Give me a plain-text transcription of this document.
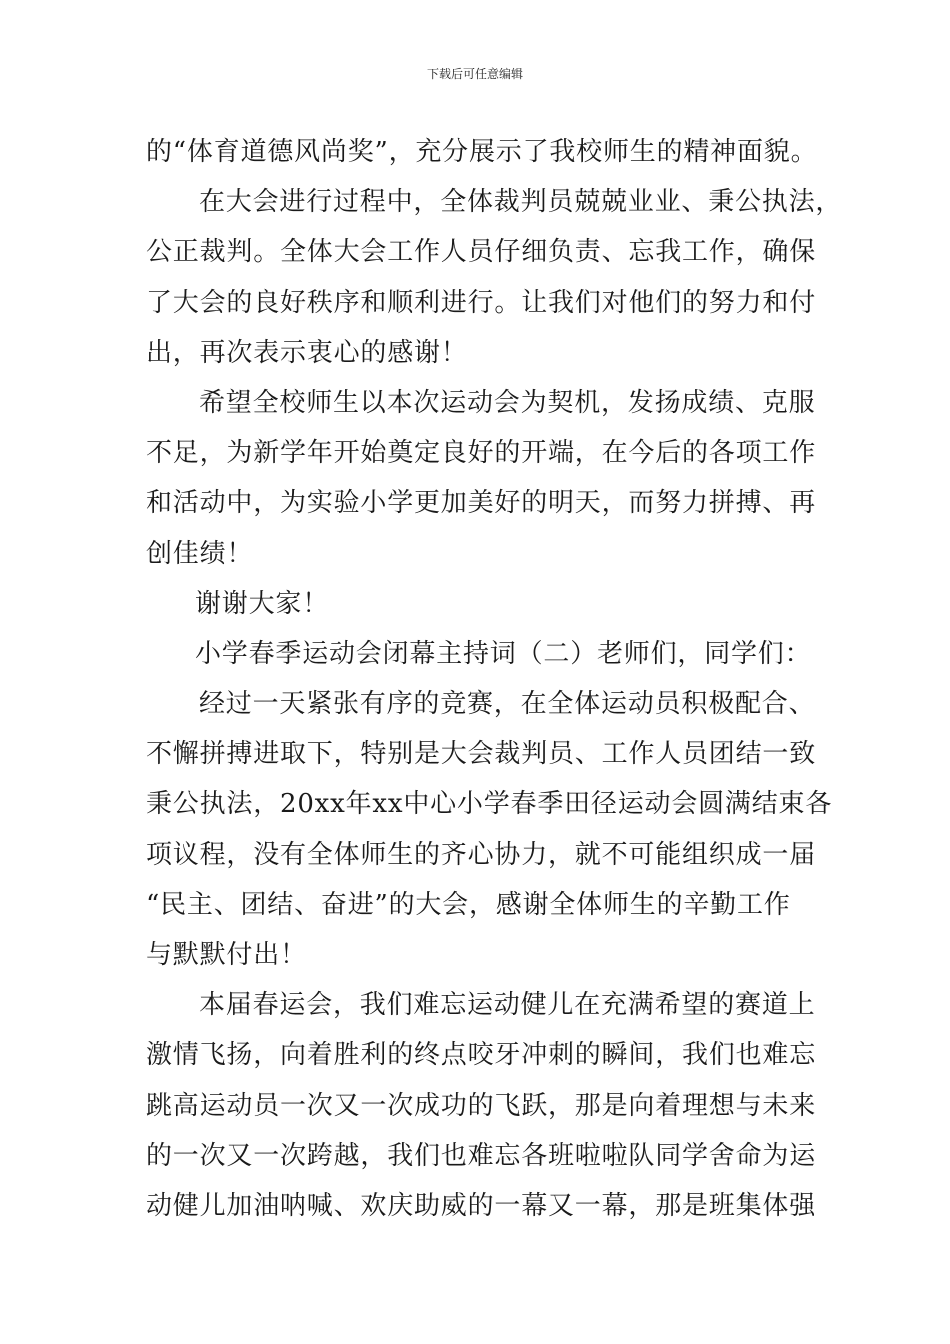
下载后可任意编辑
的“体育道德风尚奖”，充分展示了我校师生的精神面貌。
在大会进行过程中，全体裁判员兢兢业业、秉公执法，
公正裁判。全体大会工作人员仔细负责、忘我工作，确保
了大会的良好秩序和顺利进行。让我们对他们的努力和付
出，再次表示衷心的感谢！
希望全校师生以本次运动会为契机，发扬成绩、克服
不足，为新学年开始奠定良好的开端，在今后的各项工作
和活动中，为实验小学更加美好的明天，而努力拼搏、再
创佳绩！
谢谢大家！
小学春季运动会闭幕主持词（二）老师们，同学们：
经过一天紧张有序的竞赛，在全体运动员积极配合、
不懈拼搏进取下，特别是大会裁判员、工作人员团结一致
秉公执法，20xx年xx中心小学春季田径运动会圆满结束各
项议程，没有全体师生的齐心协力，就不可能组织成一届
“民主、团结、奋进”的大会，感谢全体师生的辛勤工作
与默默付出！
本届春运会，我们难忘运动健儿在充满希望的赛道上
激情飞扬，向着胜利的终点咬牙冲刺的瞬间，我们也难忘
跳高运动员一次又一次成功的飞跃，那是向着理想与未来
的一次又一次跨越，我们也难忘各班啦啦队同学舍命为运
动健儿加油呐喊、欢庆助威的一幕又一幕，那是班集体强
